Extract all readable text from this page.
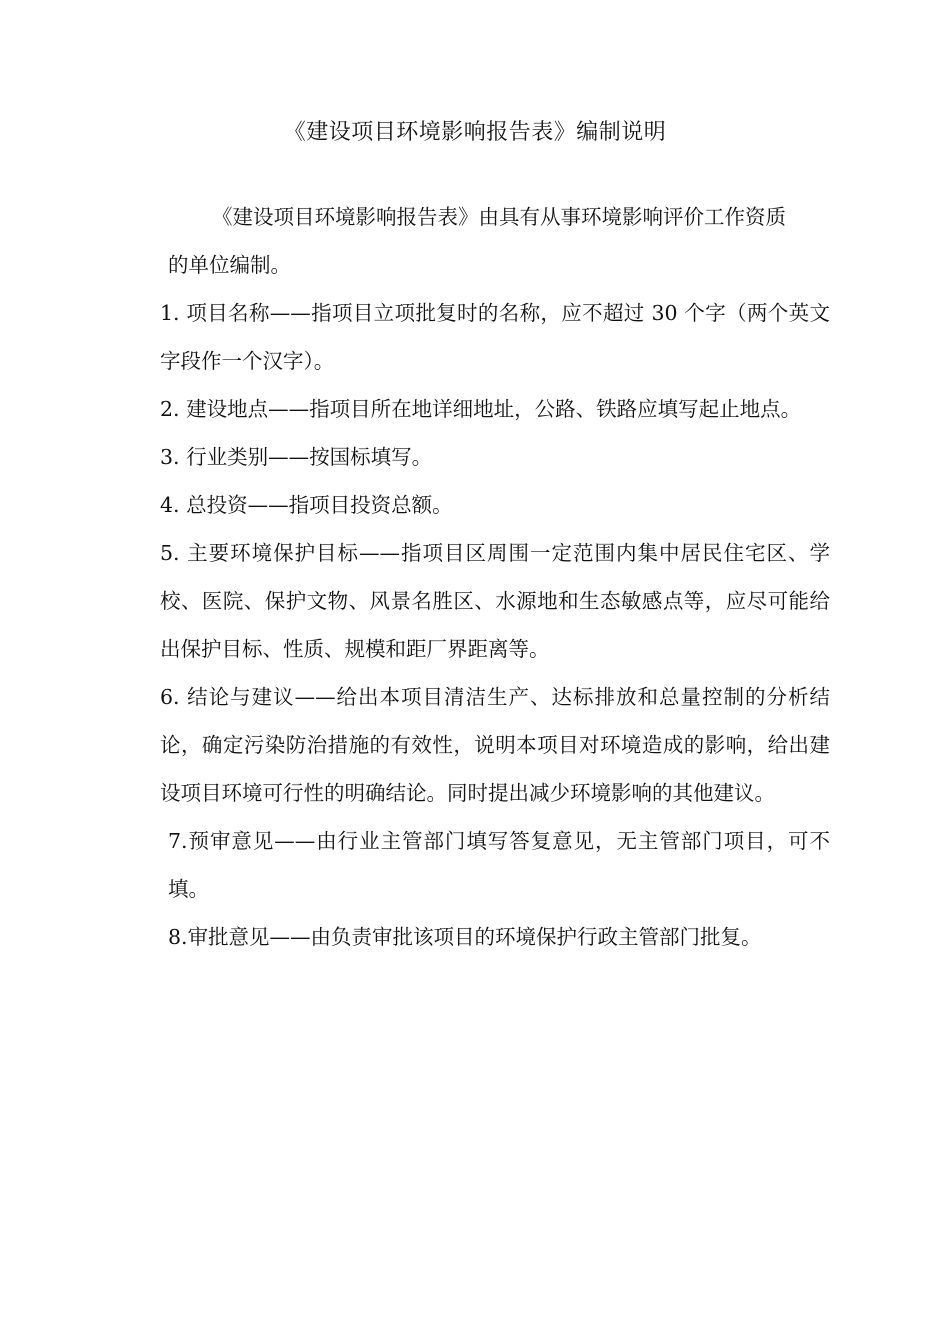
《建设项目环境影响报告表》编制说明

《建设项目环境影响报告表》由具有从事环境影响评价工作资质
的单位编制。

1. 项目名称——指项目立项批复时的名称，应不超过 30 个字（两个英文字段作一个汉字）。

2. 建设地点——指项目所在地详细地址，公路、铁路应填写起止地点。

3. 行业类别——按国标填写。

4. 总投资——指项目投资总额。

5. 主要环境保护目标——指项目区周围一定范围内集中居民住宅区、学校、医院、保护文物、风景名胜区、水源地和生态敏感点等，应尽可能给出保护目标、性质、规模和距厂界距离等。

6. 结论与建议——给出本项目清洁生产、达标排放和总量控制的分析结论，确定污染防治措施的有效性，说明本项目对环境造成的影响，给出建设项目环境可行性的明确结论。同时提出减少环境影响的其他建议。

7.预审意见——由行业主管部门填写答复意见，无主管部门项目，可不填。

8.审批意见——由负责审批该项目的环境保护行政主管部门批复。
